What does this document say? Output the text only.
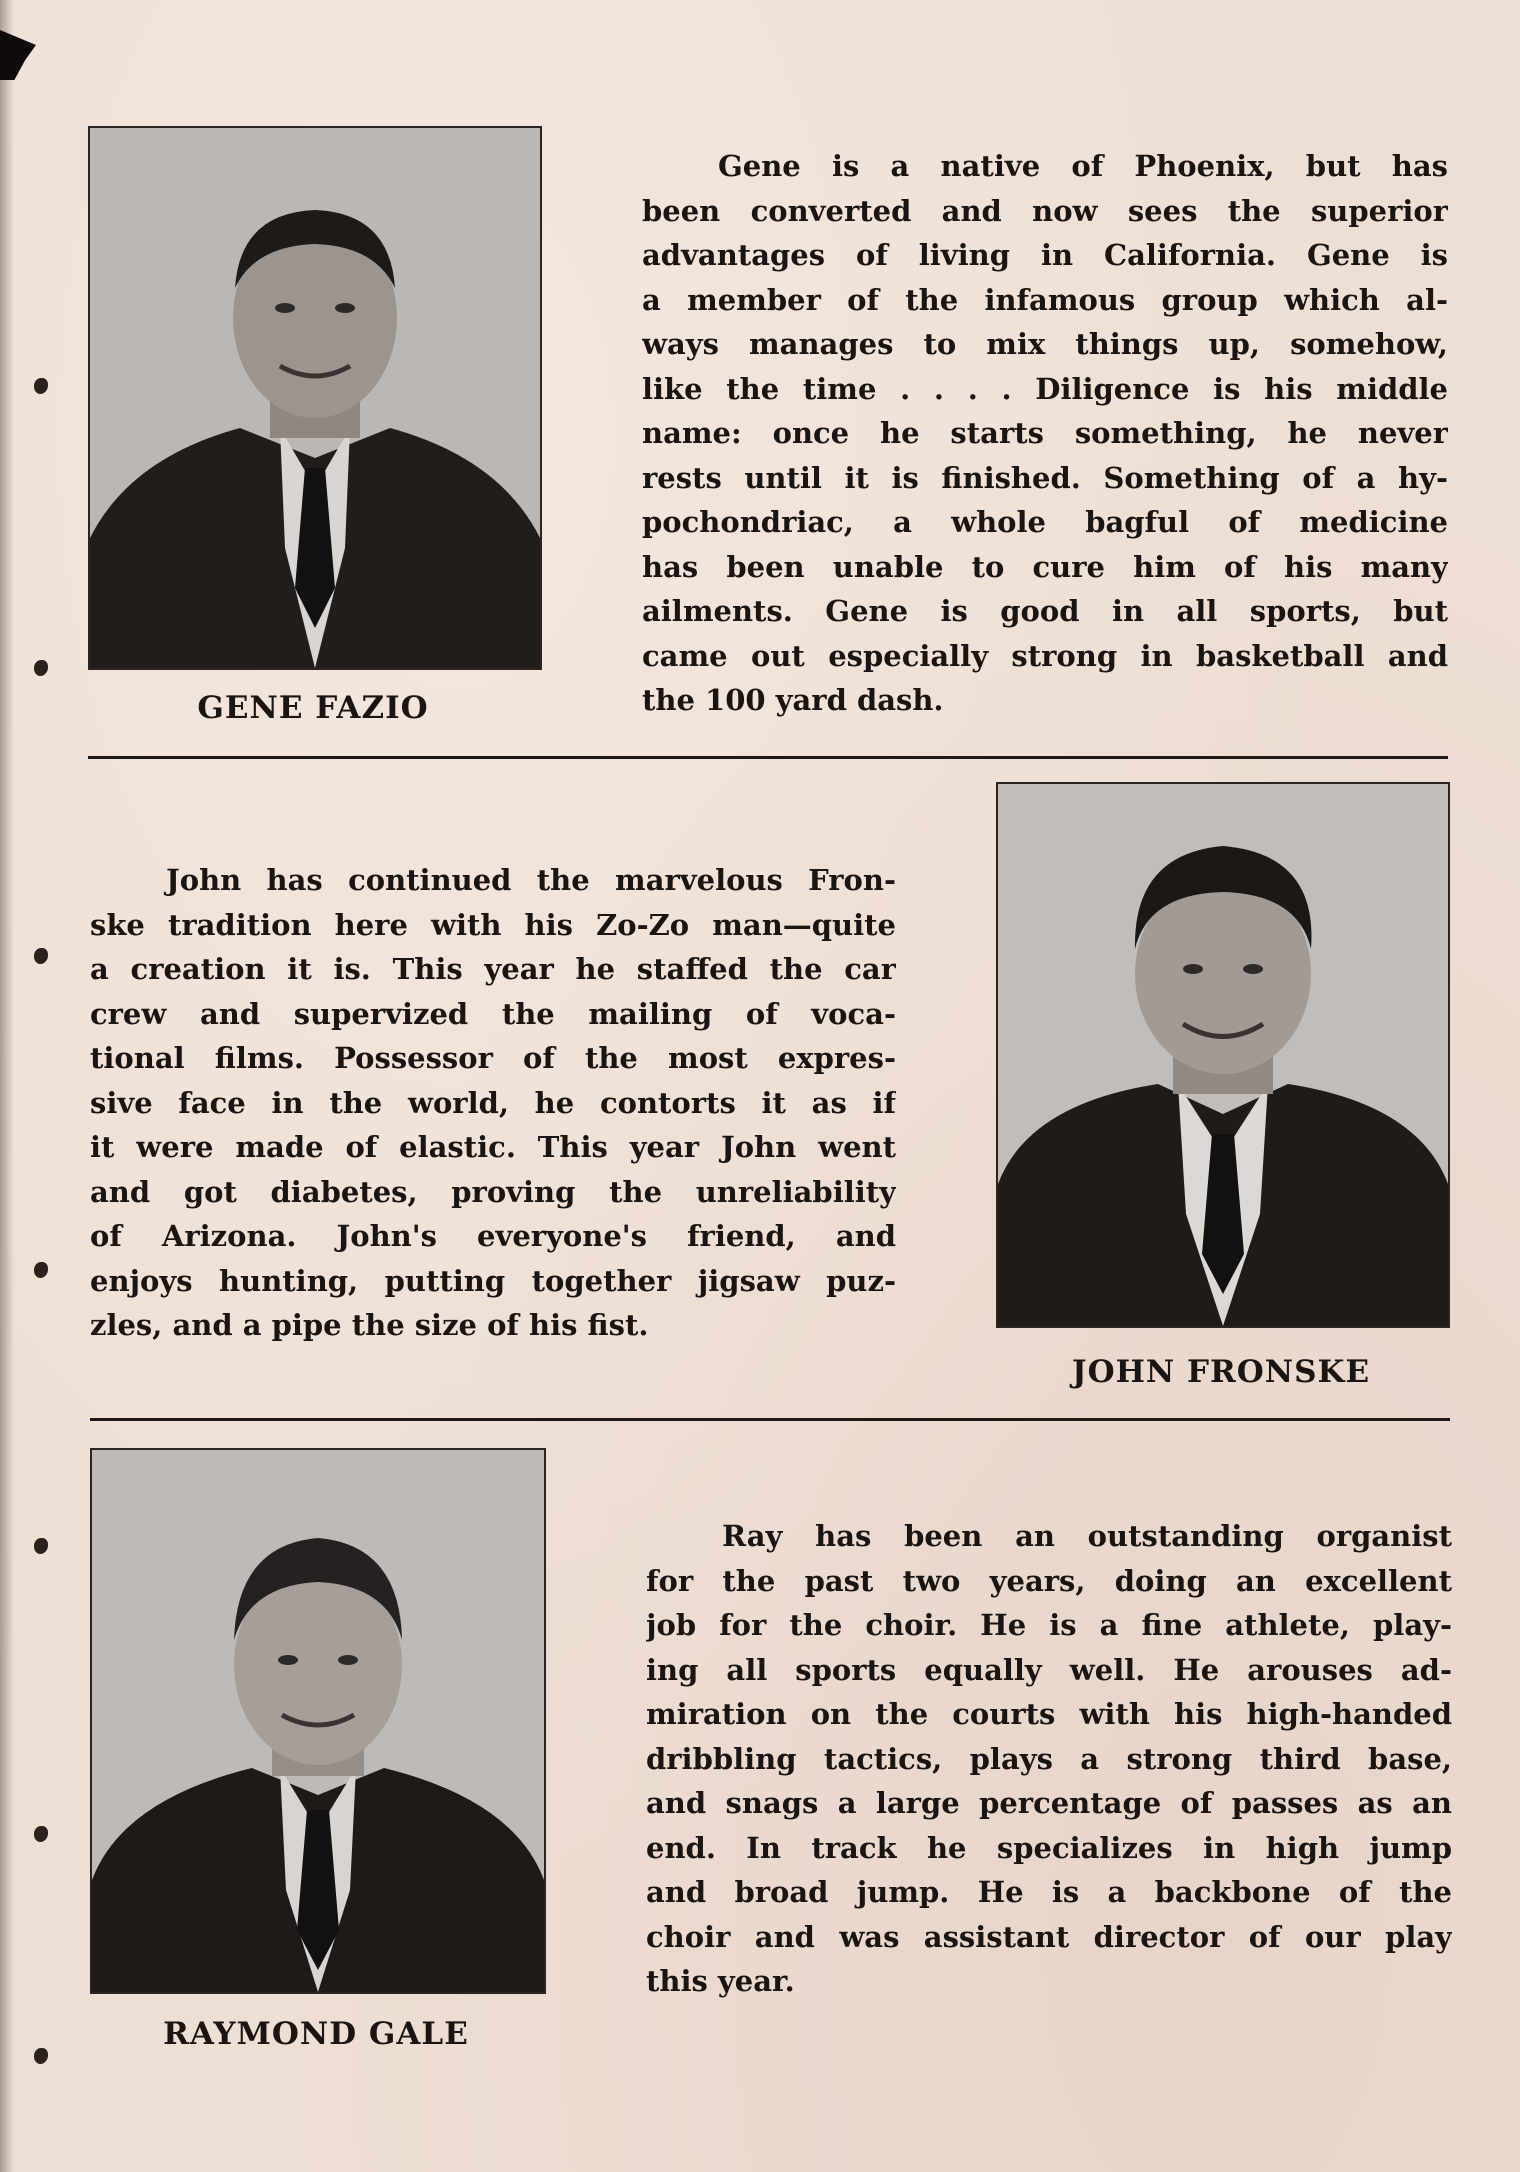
GENE FAZIO
Gene is a native of Phoenix, but has
been converted and now sees the superior
advantages of living in California. Gene is
a member of the infamous group which al-
ways manages to mix things up, somehow,
like the time . . . . Diligence is his middle
name: once he starts something, he never
rests until it is finished. Something of a hy-
pochondriac, a whole bagful of medicine
has been unable to cure him of his many
ailments. Gene is good in all sports, but
came out especially strong in basketball and
the 100 yard dash.
John has continued the marvelous Fron-
ske tradition here with his Zo-Zo man—quite
a creation it is. This year he staffed the car
crew and supervized the mailing of voca-
tional films. Possessor of the most expres-
sive face in the world, he contorts it as if
it were made of elastic. This year John went
and got diabetes, proving the unreliability
of Arizona. John's everyone's friend, and
enjoys hunting, putting together jigsaw puz-
zles, and a pipe the size of his fist.
JOHN FRONSKE
RAYMOND GALE
Ray has been an outstanding organist
for the past two years, doing an excellent
job for the choir. He is a fine athlete, play-
ing all sports equally well. He arouses ad-
miration on the courts with his high-handed
dribbling tactics, plays a strong third base,
and snags a large percentage of passes as an
end. In track he specializes in high jump
and broad jump. He is a backbone of the
choir and was assistant director of our play
this year.
